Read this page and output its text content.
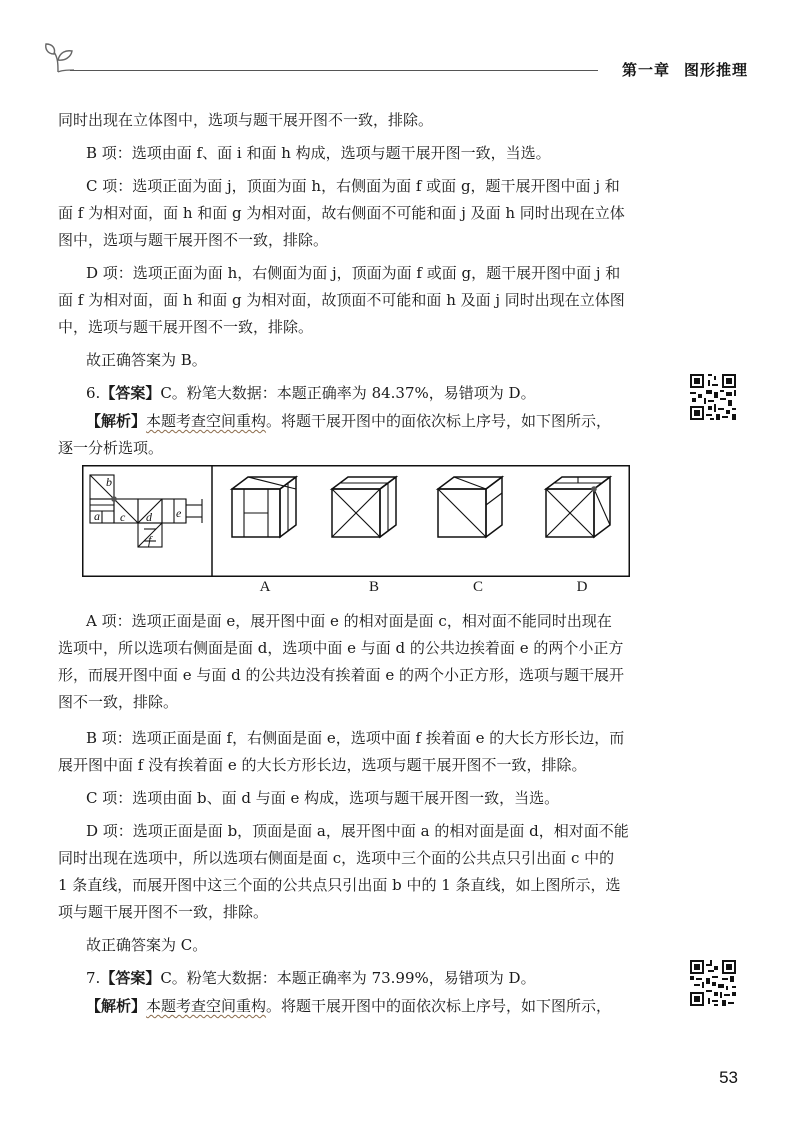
第一章 图形推理
同时出现在立体图中，选项与题干展开图不一致，排除。
B 项：选项由面 f、面 i 和面 h 构成，选项与题干展开图一致，当选。
C 项：选项正面为面 j，顶面为面 h，右侧面为面 f 或面 g，题干展开图中面 j 和
面 f 为相对面，面 h 和面 g 为相对面，故右侧面不可能和面 j 及面 h 同时出现在立体
图中，选项与题干展开图不一致，排除。
D 项：选项正面为面 h，右侧面为面 j，顶面为面 f 或面 g，题干展开图中面 j 和
面 f 为相对面，面 h 和面 g 为相对面，故顶面不可能和面 h 及面 j 同时出现在立体图
中，选项与题干展开图不一致，排除。
故正确答案为 B。
6.【答案】C。粉笔大数据：本题正确率为 84.37%，易错项为 D。
【解析】本题考查空间重构。将题干展开图中的面依次标上序号，如下图所示，
逐一分析选项。
b
a c d e
f
A	B	C	D
A 项：选项正面是面 e，展开图中面 e 的相对面是面 c，相对面不能同时出现在
选项中，所以选项右侧面是面 d，选项中面 e 与面 d 的公共边挨着面 e 的两个小正方
形，而展开图中面 e 与面 d 的公共边没有挨着面 e 的两个小正方形，选项与题干展开
图不一致，排除。
B 项：选项正面是面 f，右侧面是面 e，选项中面 f 挨着面 e 的大长方形长边，而
展开图中面 f 没有挨着面 e 的大长方形长边，选项与题干展开图不一致，排除。
C 项：选项由面 b、面 d 与面 e 构成，选项与题干展开图一致，当选。
D 项：选项正面是面 b，顶面是面 a，展开图中面 a 的相对面是面 d，相对面不能
同时出现在选项中，所以选项右侧面是面 c，选项中三个面的公共点只引出面 c 中的
1 条直线，而展开图中这三个面的公共点只引出面 b 中的 1 条直线，如上图所示，选
项与题干展开图不一致，排除。
故正确答案为 C。
7.【答案】C。粉笔大数据：本题正确率为 73.99%，易错项为 D。
【解析】本题考查空间重构。将题干展开图中的面依次标上序号，如下图所示，
53
